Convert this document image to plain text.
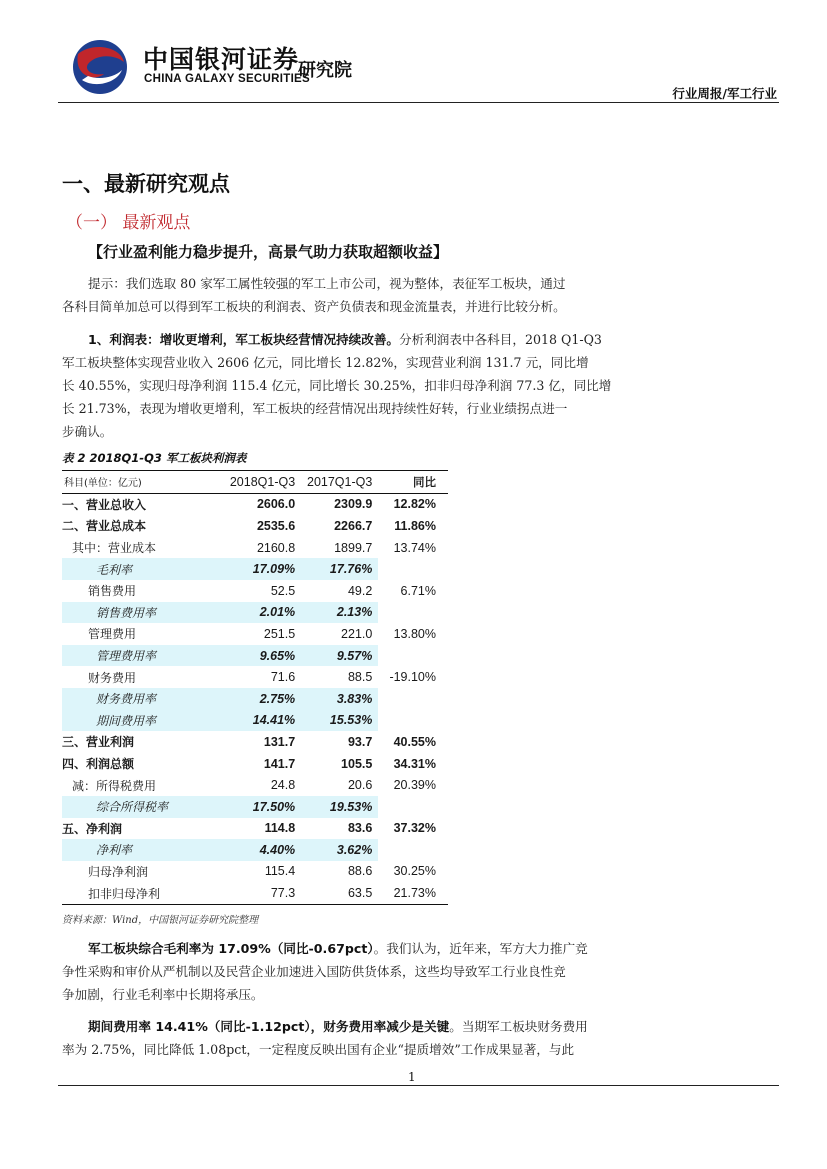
中国银河证券
CHINA GALAXY SECURITIES
研究院
行业周报/军工行业
一、最新研究观点
（一） 最新观点
【行业盈利能力稳步提升，高景气助力获取超额收益】
提示：我们选取 80 家军工属性较强的军工上市公司，视为整体，表征军工板块，通过
各科目简单加总可以得到军工板块的利润表、资产负债表和现金流量表，并进行比较分析。
1、利润表：增收更增利，军工板块经营情况持续改善。分析利润表中各科目，2018 Q1-Q3
军工板块整体实现营业收入 2606 亿元，同比增长 12.82%，实现营业利润 131.7 元，同比增
长 40.55%，实现归母净利润 115.4 亿元，同比增长 30.25%，扣非归母净利润 77.3 亿，同比增
长 21.73%，表现为增收更增利，军工板块的经营情况出现持续性好转，行业业绩拐点进一
步确认。
表 2 2018Q1-Q3 军工板块利润表
科目(单位：亿元)	2018Q1-Q3	2017Q1-Q3	同比
一、营业总收入	2606.0	2309.9	12.82%
二、营业总成本	2535.6	2266.7	11.86%
其中：营业成本	2160.8	1899.7	13.74%
毛利率	17.09%	17.76%	
销售费用	52.5	49.2	6.71%
销售费用率	2.01%	2.13%	
管理费用	251.5	221.0	13.80%
管理费用率	9.65%	9.57%	
财务费用	71.6	88.5	-19.10%
财务费用率	2.75%	3.83%	
期间费用率	14.41%	15.53%	
三、营业利润	131.7	93.7	40.55%
四、利润总额	141.7	105.5	34.31%
减：所得税费用	24.8	20.6	20.39%
综合所得税率	17.50%	19.53%	
五、净利润	114.8	83.6	37.32%
净利率	4.40%	3.62%	
归母净利润	115.4	88.6	30.25%
扣非归母净利	77.3	63.5	21.73%
资料来源：Wind，中国银河证券研究院整理
军工板块综合毛利率为 17.09%（同比-0.67pct）。我们认为，近年来，军方大力推广竞
争性采购和审价从严机制以及民营企业加速进入国防供货体系，这些均导致军工行业良性竞
争加剧，行业毛利率中长期将承压。
期间费用率 14.41%（同比-1.12pct），财务费用率减少是关键。当期军工板块财务费用
率为 2.75%，同比降低 1.08pct，一定程度反映出国有企业“提质增效”工作成果显著，与此
1
